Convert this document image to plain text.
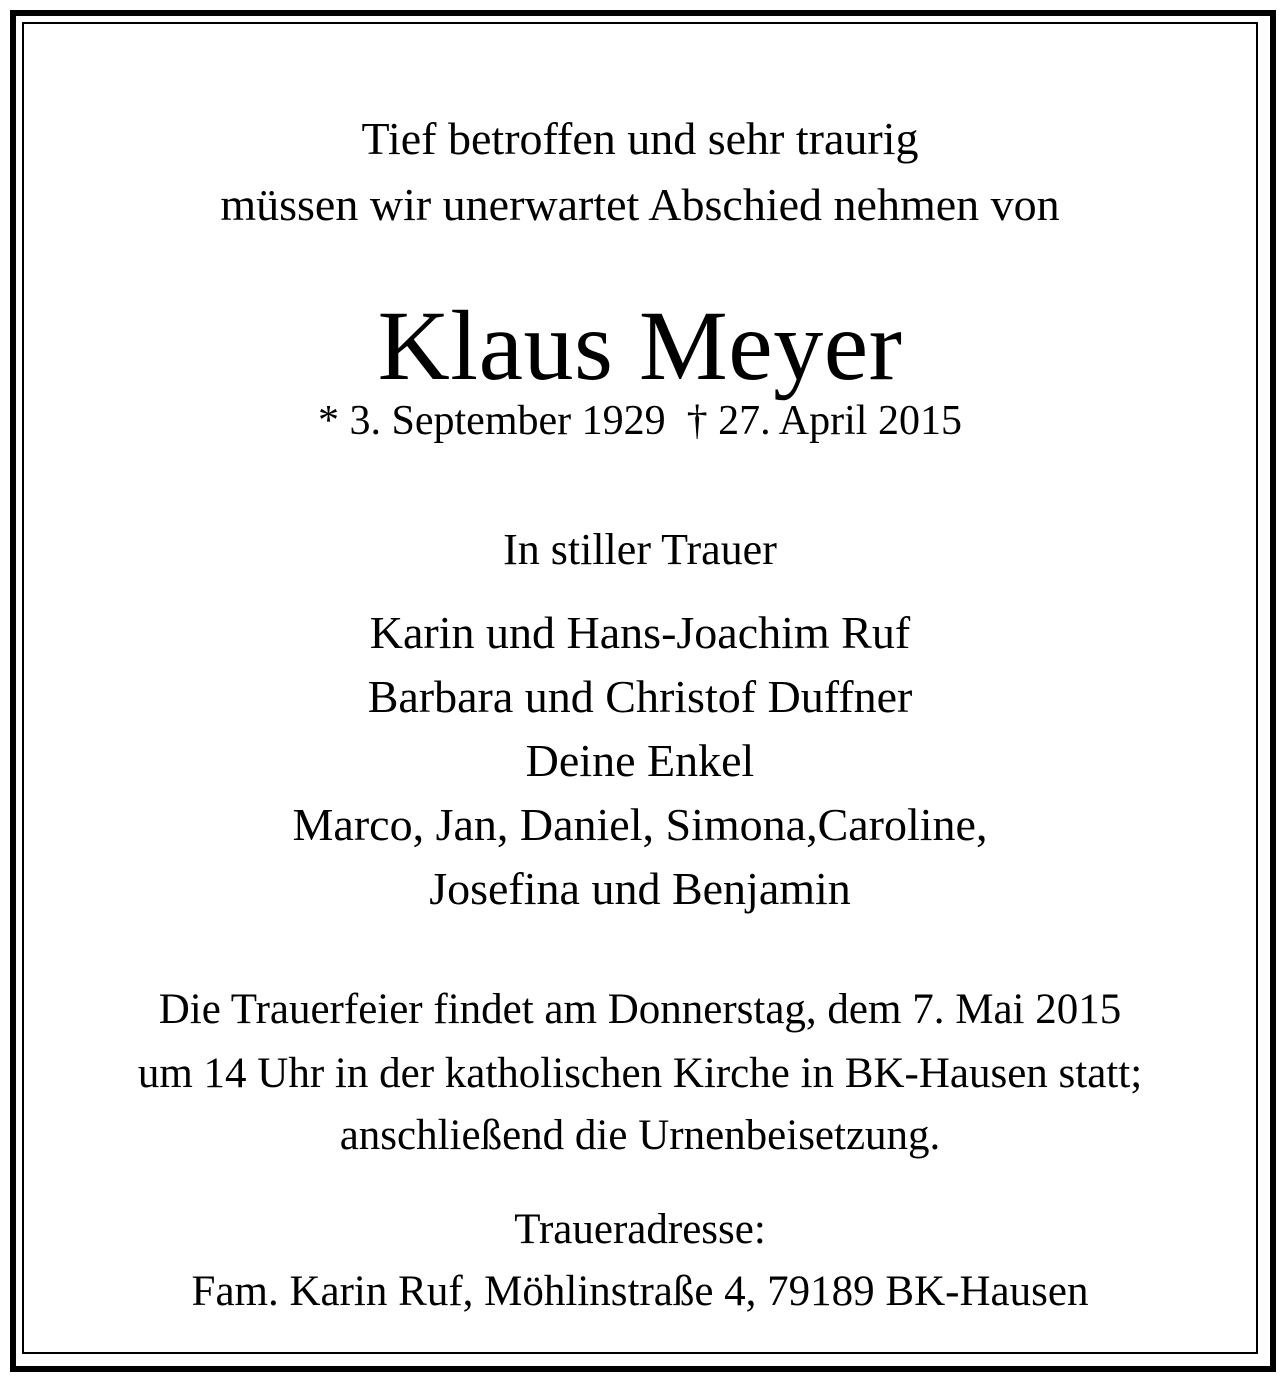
Tief betroffen und sehr traurig
müssen wir unerwartet Abschied nehmen von
Klaus Meyer
* 3. September 1929  † 27. April 2015
In stiller Trauer
Karin und Hans-Joachim Ruf
Barbara und Christof Duffner
Deine Enkel
Marco, Jan, Daniel, Simona,Caroline,
Josefina und Benjamin
Die Trauerfeier findet am Donnerstag, dem 7. Mai 2015
um 14 Uhr in der katholischen Kirche in BK-Hausen statt;
anschließend die Urnenbeisetzung.
Traueradresse:
Fam. Karin Ruf, Möhlinstraße 4, 79189 BK-Hausen
